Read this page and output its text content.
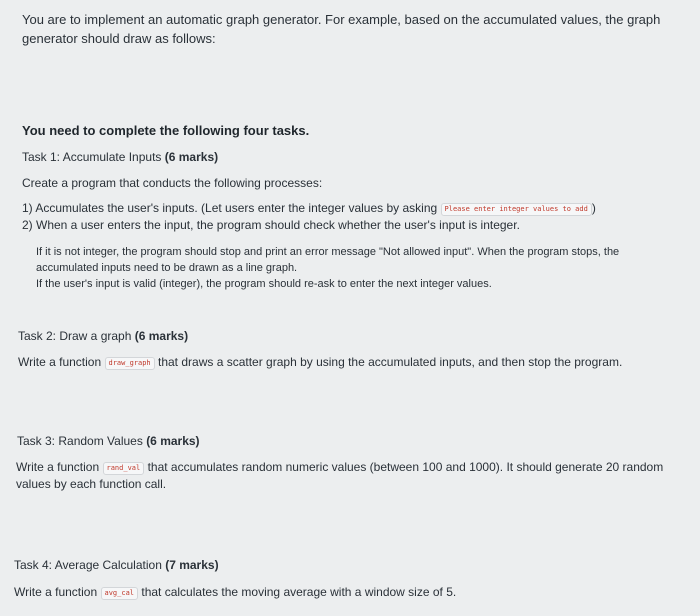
You are to implement an automatic graph generator. For example, based on the accumulated values, the graph

generator should draw as follows:

You need to complete the following four tasks.
Task 1: Accumulate Inputs (6 marks)
Create a program that conducts the following processes:

1) Accumulates the user's inputs. (Let users enter the integer values by asking Please enter integer values to add )

2) When a user enters the input, the program should check whether the user's input is integer.

If it is not integer, the program should stop and print an error message "Not allowed input". When the program stops, the

accumulated inputs need to be drawn as a line graph.

If the user's input is valid (integer), the program should re-ask to enter the next integer values.

Task 2: Draw a graph (6 marks)
Write a function draw_graph that draws a scatter graph by using the accumulated inputs, and then stop the program.
Task 3: Random Values (6 marks)

Write a function rand_val that accumulates random numeric values (between 100 and 1000). It should generate 20 random

values by each function call.

Task 4: Average Calculation (7 marks)
Write a function avg_cal that calculates the moving average with a window size of 5.
